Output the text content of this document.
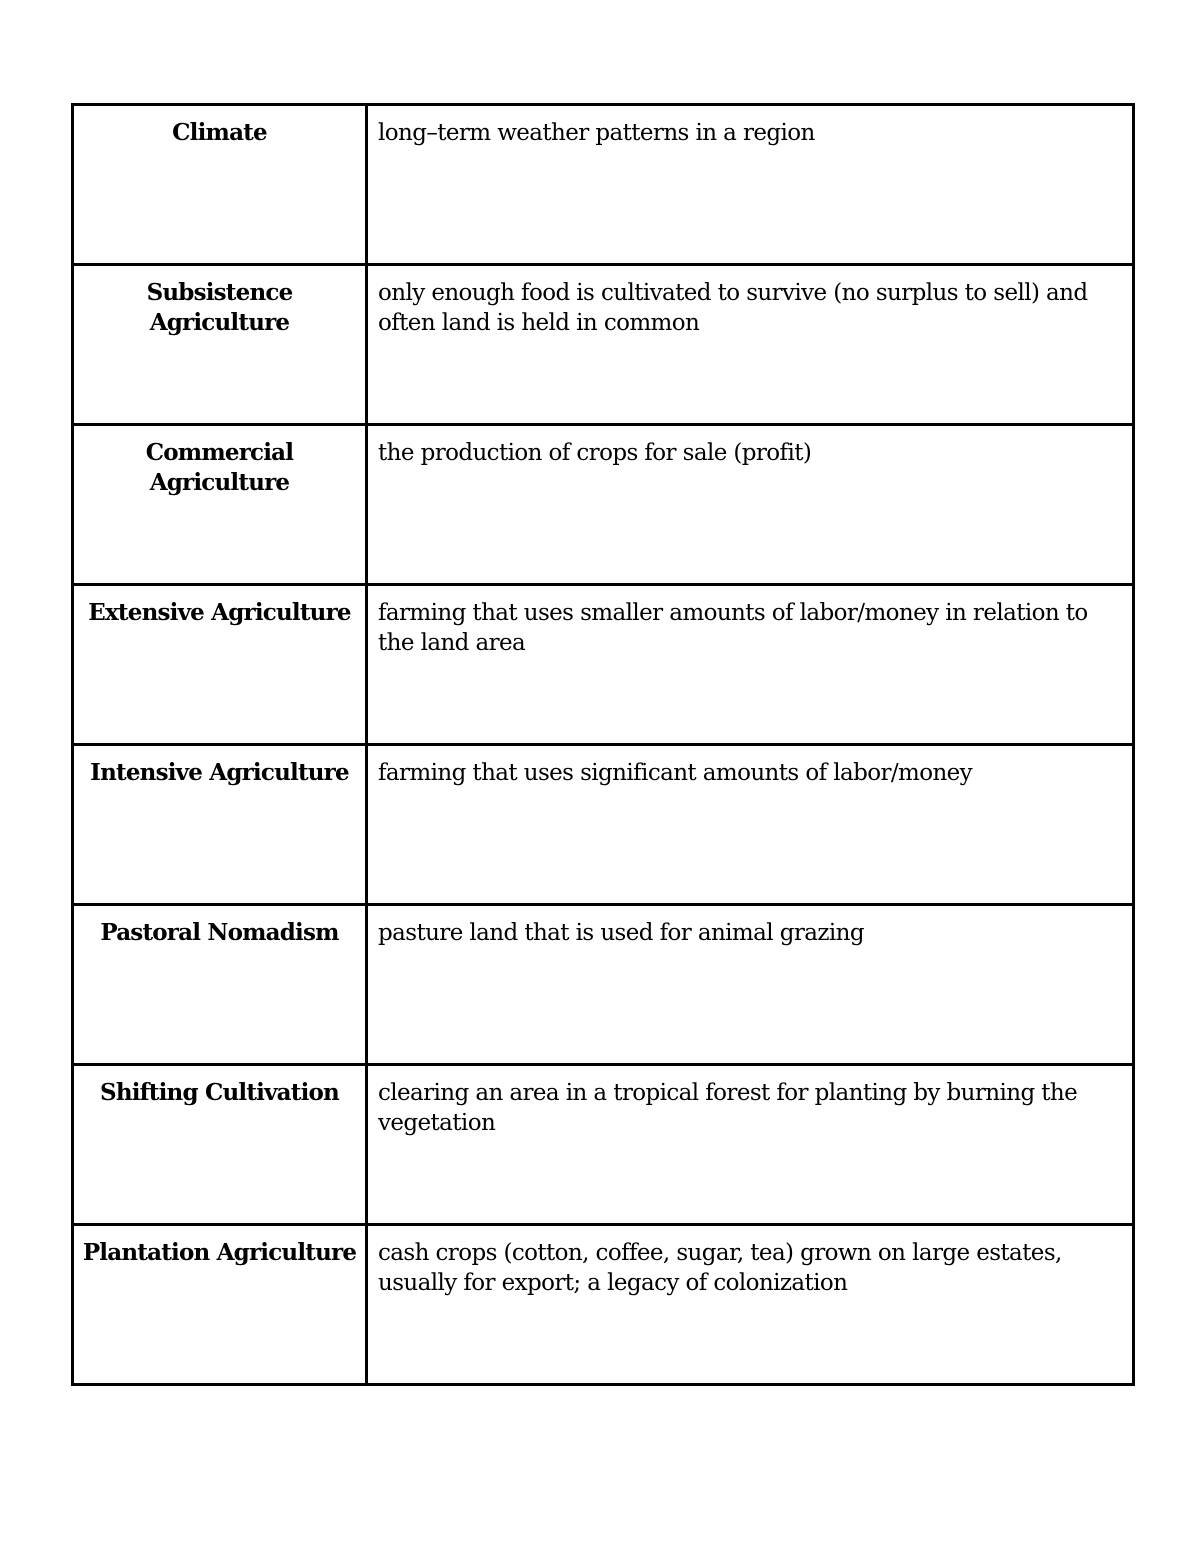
Climate	long–term weather patterns in a region
Subsistence Agriculture	only enough food is cultivated to survive (no surplus to sell) and often land is held in common
Commercial Agriculture	the production of crops for sale (profit)
Extensive Agriculture	farming that uses smaller amounts of labor/money in relation to the land area
Intensive Agriculture	farming that uses significant amounts of labor/money
Pastoral Nomadism	pasture land that is used for animal grazing
Shifting Cultivation	clearing an area in a tropical forest for planting by burning the vegetation
Plantation Agriculture	cash crops (cotton, coffee, sugar, tea) grown on large estates, usually for export; a legacy of colonization
